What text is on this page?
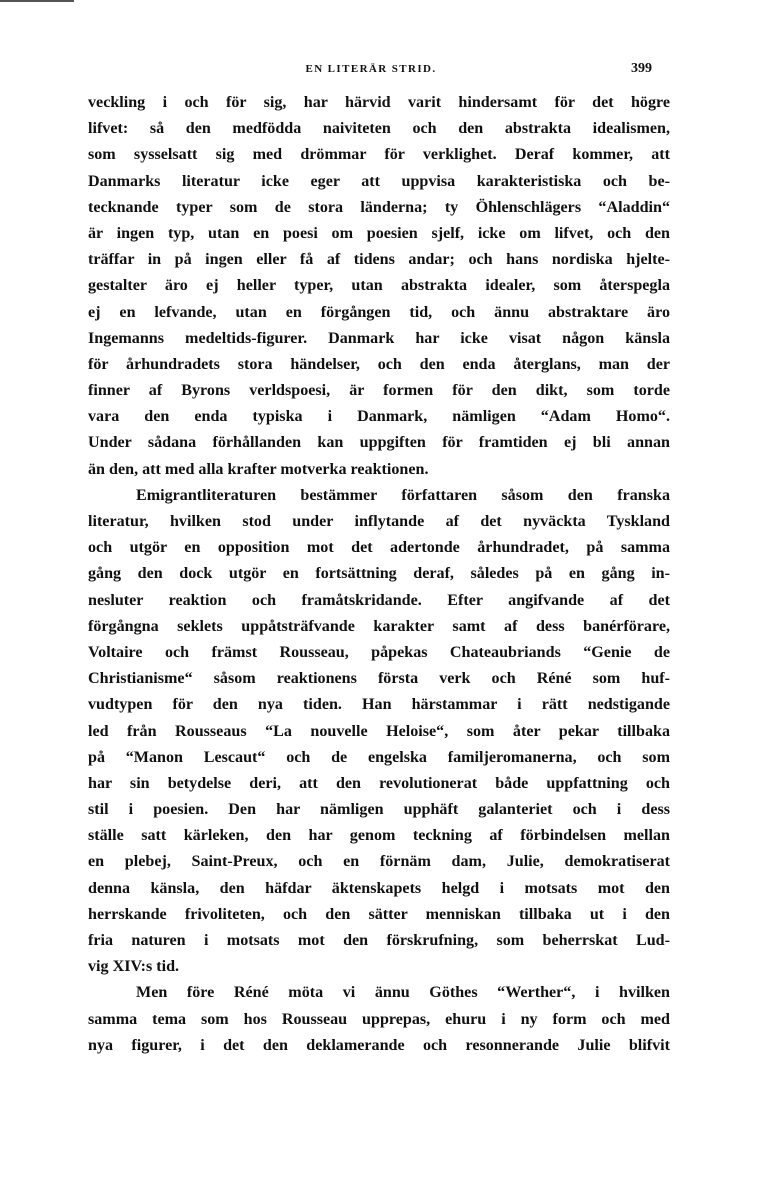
EN LITERÄR STRID.	399
veckling i och för sig, har härvid varit hindersamt för det högre
lifvet: så den medfödda naiviteten och den abstrakta idealismen,
som sysselsatt sig med drömmar för verklighet. Deraf kommer, att
Danmarks literatur icke eger att uppvisa karakteristiska och be-
tecknande typer som de stora länderna; ty Öhlenschlägers “Aladdin“
är ingen typ, utan en poesi om poesien sjelf, icke om lifvet, och den
träffar in på ingen eller få af tidens andar; och hans nordiska hjelte-
gestalter äro ej heller typer, utan abstrakta idealer, som återspegla
ej en lefvande, utan en förgången tid, och ännu abstraktare äro
Ingemanns medeltids-figurer. Danmark har icke visat någon känsla
för århundradets stora händelser, och den enda återglans, man der
finner af Byrons verldspoesi, är formen för den dikt, som torde
vara den enda typiska i Danmark, nämligen “Adam Homo“.
Under sådana förhållanden kan uppgiften för framtiden ej bli annan
än den, att med alla krafter motverka reaktionen.
Emigrantliteraturen bestämmer författaren såsom den franska
literatur, hvilken stod under inflytande af det nyväckta Tyskland
och utgör en opposition mot det adertonde århundradet, på samma
gång den dock utgör en fortsättning deraf, således på en gång in-
nesluter reaktion och framåtskridande. Efter angifvande af det
förgångna seklets uppåtsträfvande karakter samt af dess banérförare,
Voltaire och främst Rousseau, påpekas Chateaubriands “Genie de
Christianisme“ såsom reaktionens första verk och Réné som huf-
vudtypen för den nya tiden. Han härstammar i rätt nedstigande
led från Rousseaus “La nouvelle Heloise“, som åter pekar tillbaka
på “Manon Lescaut“ och de engelska familjeromanerna, och som
har sin betydelse deri, att den revolutionerat både uppfattning och
stil i poesien. Den har nämligen upphäft galanteriet och i dess
ställe satt kärleken, den har genom teckning af förbindelsen mellan
en plebej, Saint-Preux, och en förnäm dam, Julie, demokratiserat
denna känsla, den häfdar äktenskapets helgd i motsats mot den
herrskande frivoliteten, och den sätter menniskan tillbaka ut i den
fria naturen i motsats mot den förskrufning, som beherrskat Lud-
vig XIV:s tid.
Men före Réné möta vi ännu Göthes “Werther“, i hvilken
samma tema som hos Rousseau upprepas, ehuru i ny form och med
nya figurer, i det den deklamerande och resonnerande Julie blifvit
